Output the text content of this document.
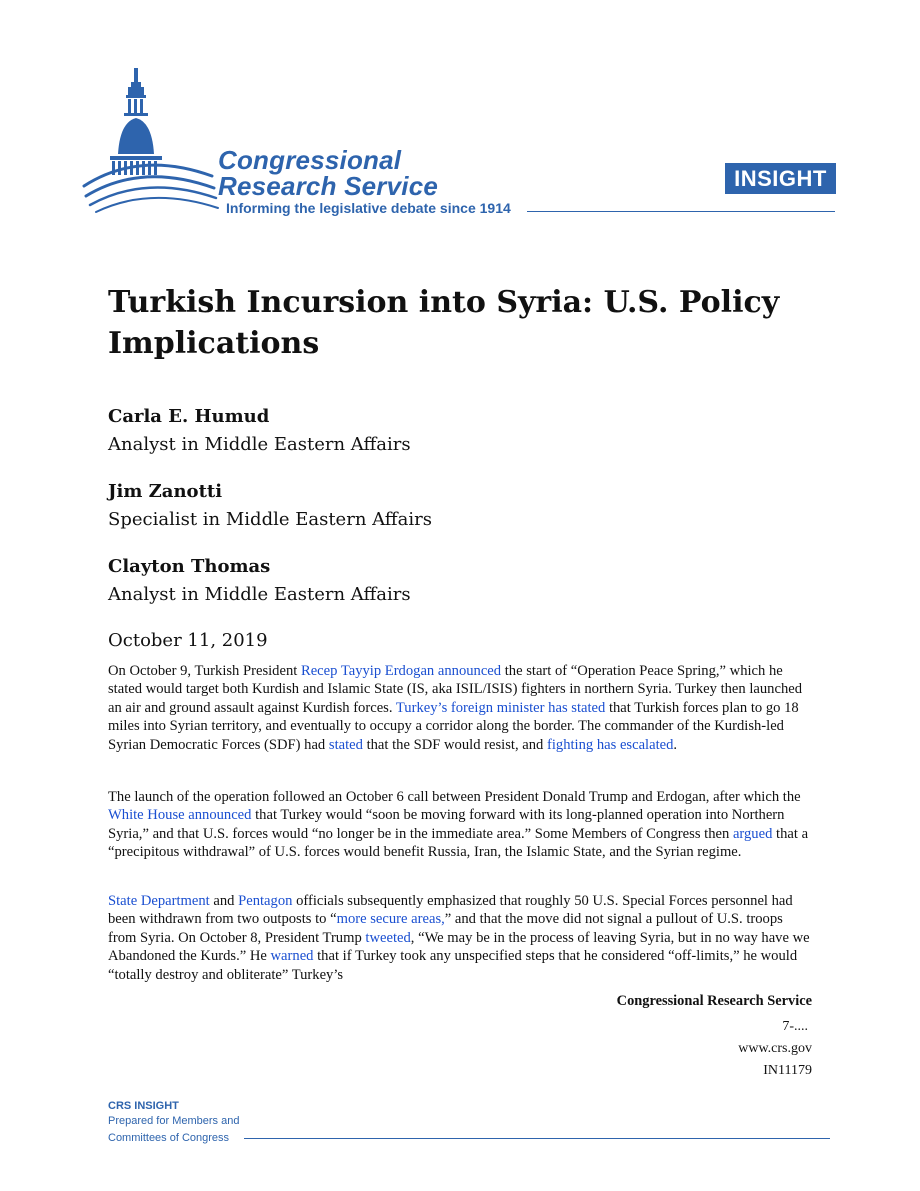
Congressional
Research Service
Informing the legislative debate since 1914
INSIGHT
Turkish Incursion into Syria: U.S. Policy Implications
Carla E. Humud
Analyst in Middle Eastern Affairs
Jim Zanotti
Specialist in Middle Eastern Affairs
Clayton Thomas
Analyst in Middle Eastern Affairs
October 11, 2019

On October 9, Turkish President Recep Tayyip Erdogan announced the start of “Operation Peace Spring,” which he stated would target both Kurdish and Islamic State (IS, aka ISIL/ISIS) fighters in northern Syria. Turkey then launched an air and ground assault against Kurdish forces. Turkey’s foreign minister has stated that Turkish forces plan to go 18 miles into Syrian territory, and eventually to occupy a corridor along the border. The commander of the Kurdish-led Syrian Democratic Forces (SDF) had stated that the SDF would resist, and fighting has escalated.

The launch of the operation followed an October 6 call between President Donald Trump and Erdogan, after which the White House announced that Turkey would “soon be moving forward with its long-planned operation into Northern Syria,” and that U.S. forces would “no longer be in the immediate area.” Some Members of Congress then argued that a “precipitous withdrawal” of U.S. forces would benefit Russia, Iran, the Islamic State, and the Syrian regime.

State Department and Pentagon officials subsequently emphasized that roughly 50 U.S. Special Forces personnel had been withdrawn from two outposts to “more secure areas,” and that the move did not signal a pullout of U.S. troops from Syria. On October 8, President Trump tweeted, “We may be in the process of leaving Syria, but in no way have we Abandoned the Kurds.” He warned that if Turkey took any unspecified steps that he considered “off-limits,” he would “totally destroy and obliterate” Turkey’s

Congressional Research Service
7-....
www.crs.gov
IN11179
CRS INSIGHT
Prepared for Members and
Committees of Congress
